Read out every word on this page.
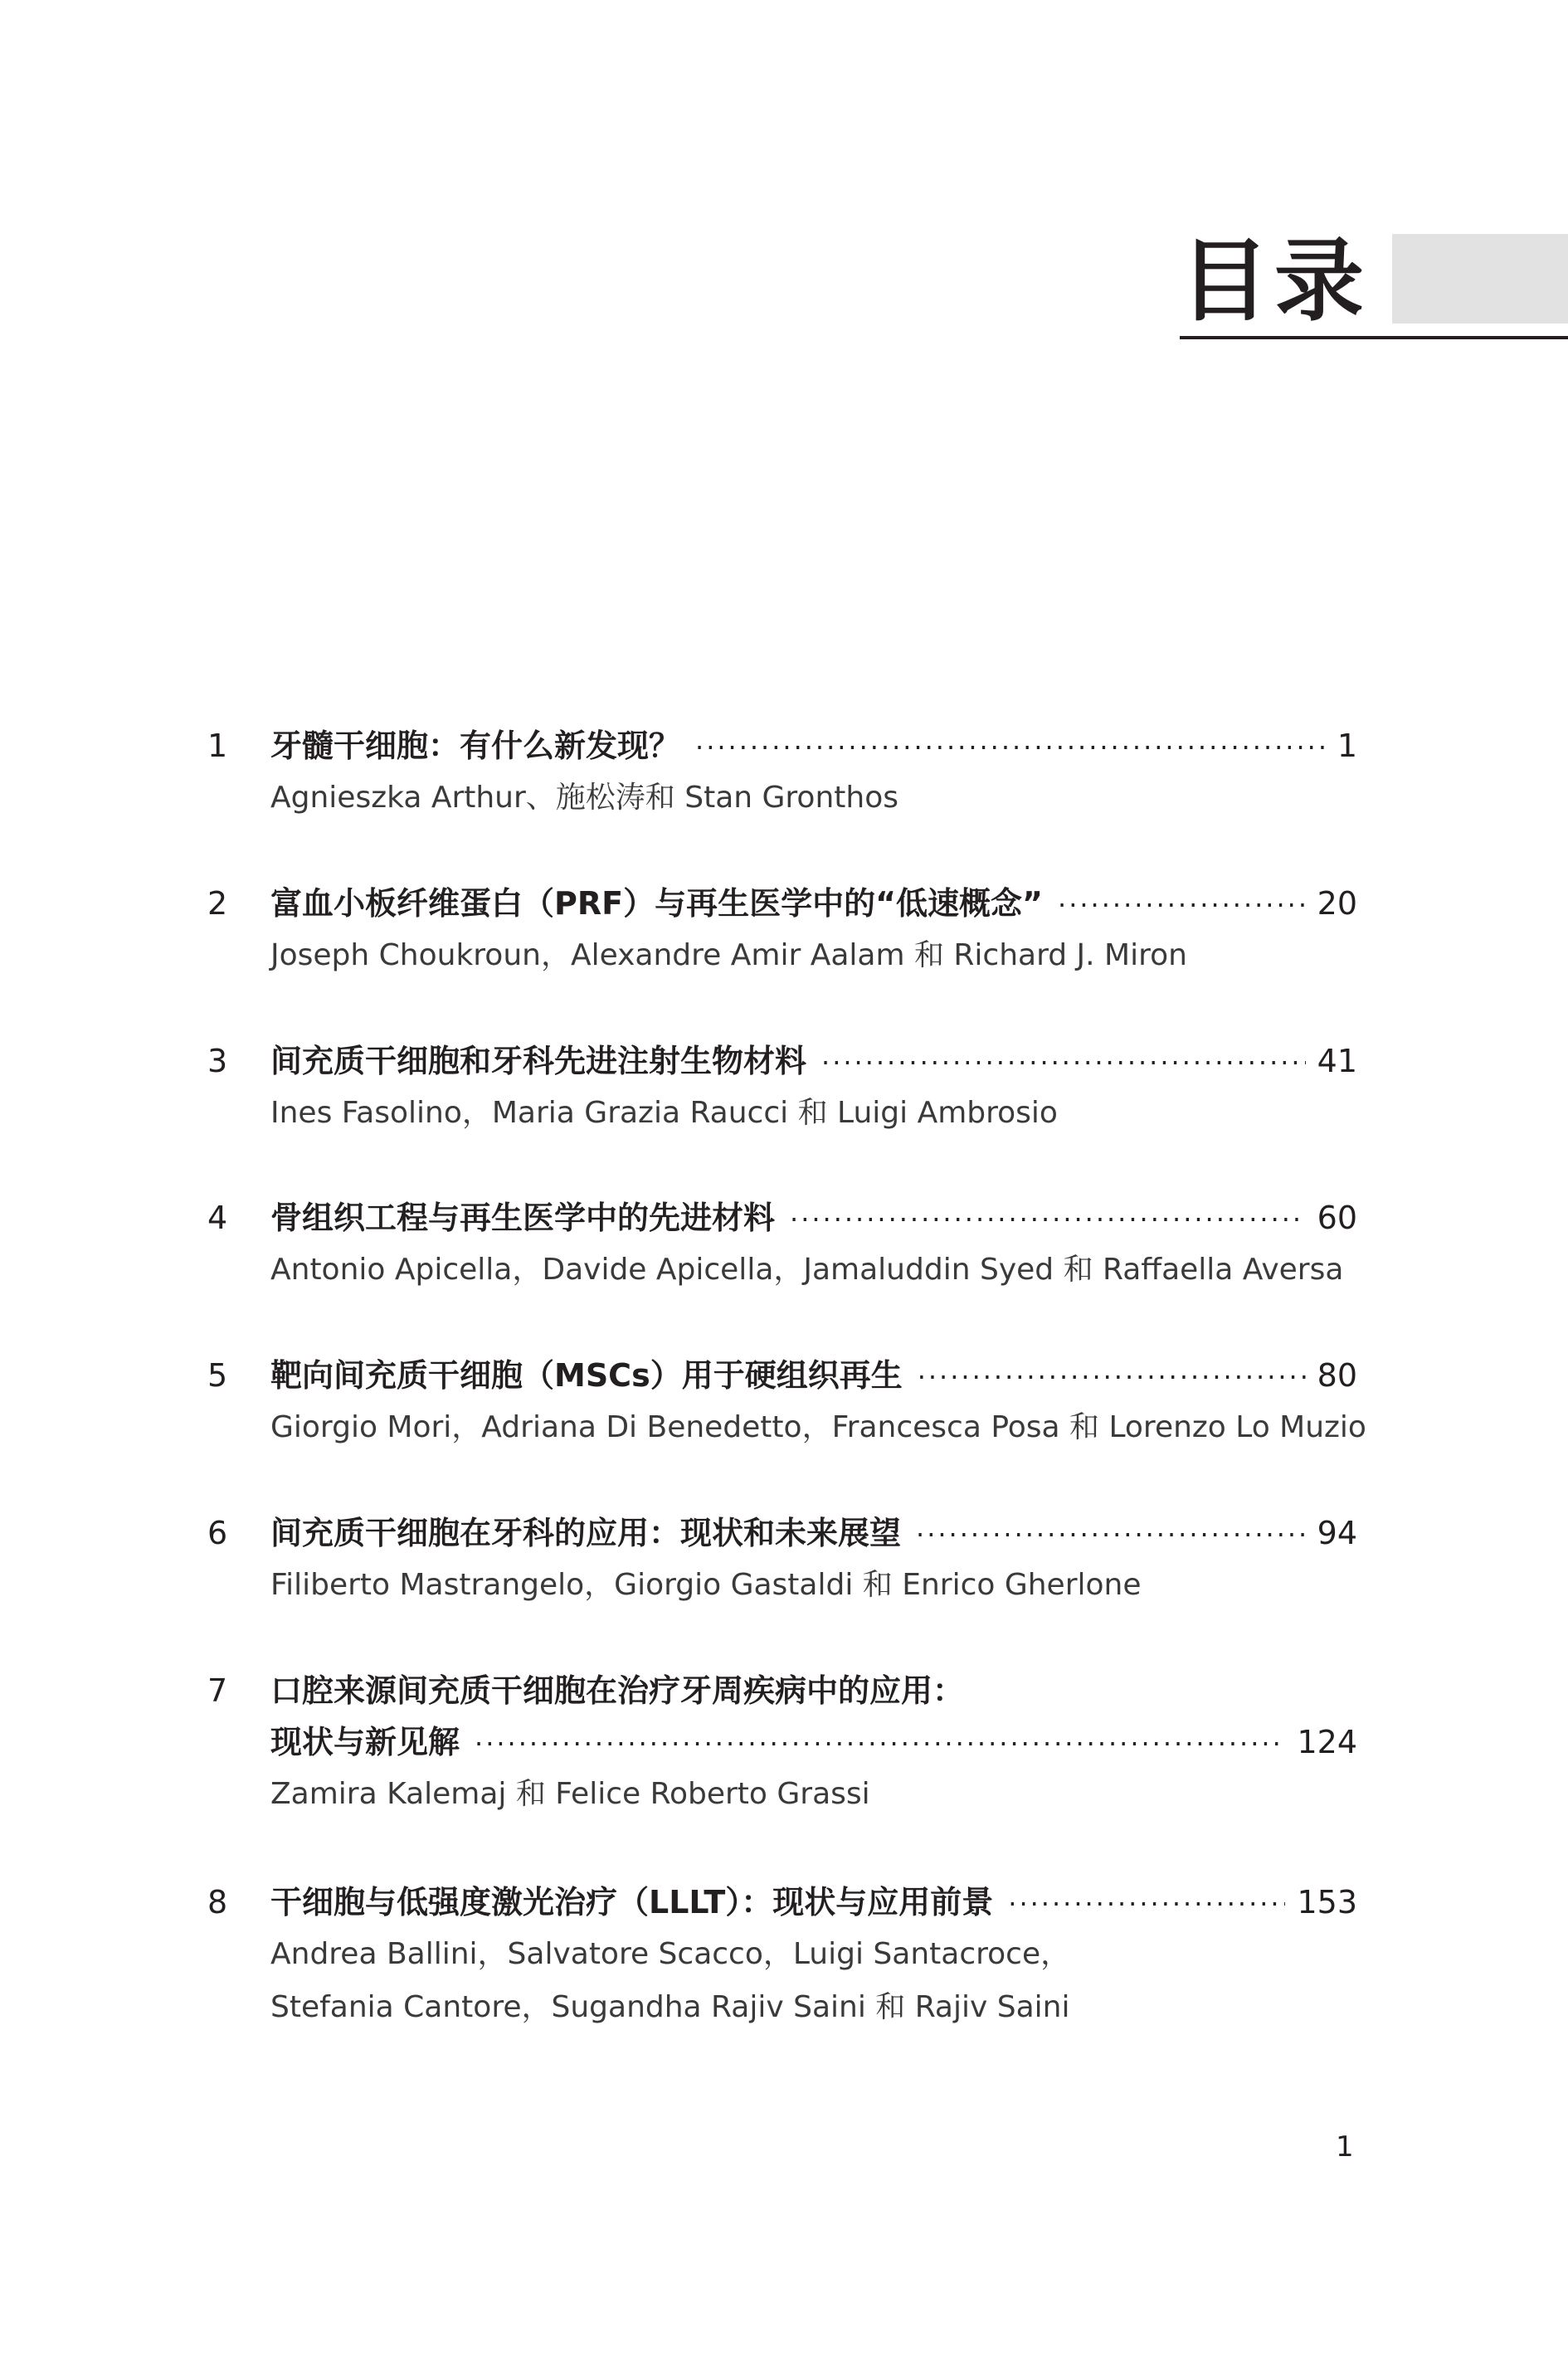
目录
1	牙髓干细胞：有什么新发现？ ·····	1
Agnieszka Arthur、施松涛和 Stan Gronthos
2	富血小板纤维蛋白（PRF）与再生医学中的“低速概念” ·····	20
Joseph Choukroun，Alexandre Amir Aalam 和 Richard J. Miron
3	间充质干细胞和牙科先进注射生物材料 ·····	41
Ines Fasolino，Maria Grazia Raucci 和 Luigi Ambrosio
4	骨组织工程与再生医学中的先进材料 ·····	60
Antonio Apicella，Davide Apicella，Jamaluddin Syed 和 Raffaella Aversa
5	靶向间充质干细胞（MSCs）用于硬组织再生 ·····	80
Giorgio Mori，Adriana Di Benedetto，Francesca Posa 和 Lorenzo Lo Muzio
6	间充质干细胞在牙科的应用：现状和未来展望 ·····	94
Filiberto Mastrangelo，Giorgio Gastaldi 和 Enrico Gherlone
7	口腔来源间充质干细胞在治疗牙周疾病中的应用：
现状与新见解 ·····	124
Zamira Kalemaj 和 Felice Roberto Grassi
8	干细胞与低强度激光治疗（LLLT）：现状与应用前景 ·····	153
Andrea Ballini，Salvatore Scacco，Luigi Santacroce，
Stefania Cantore，Sugandha Rajiv Saini 和 Rajiv Saini
1
